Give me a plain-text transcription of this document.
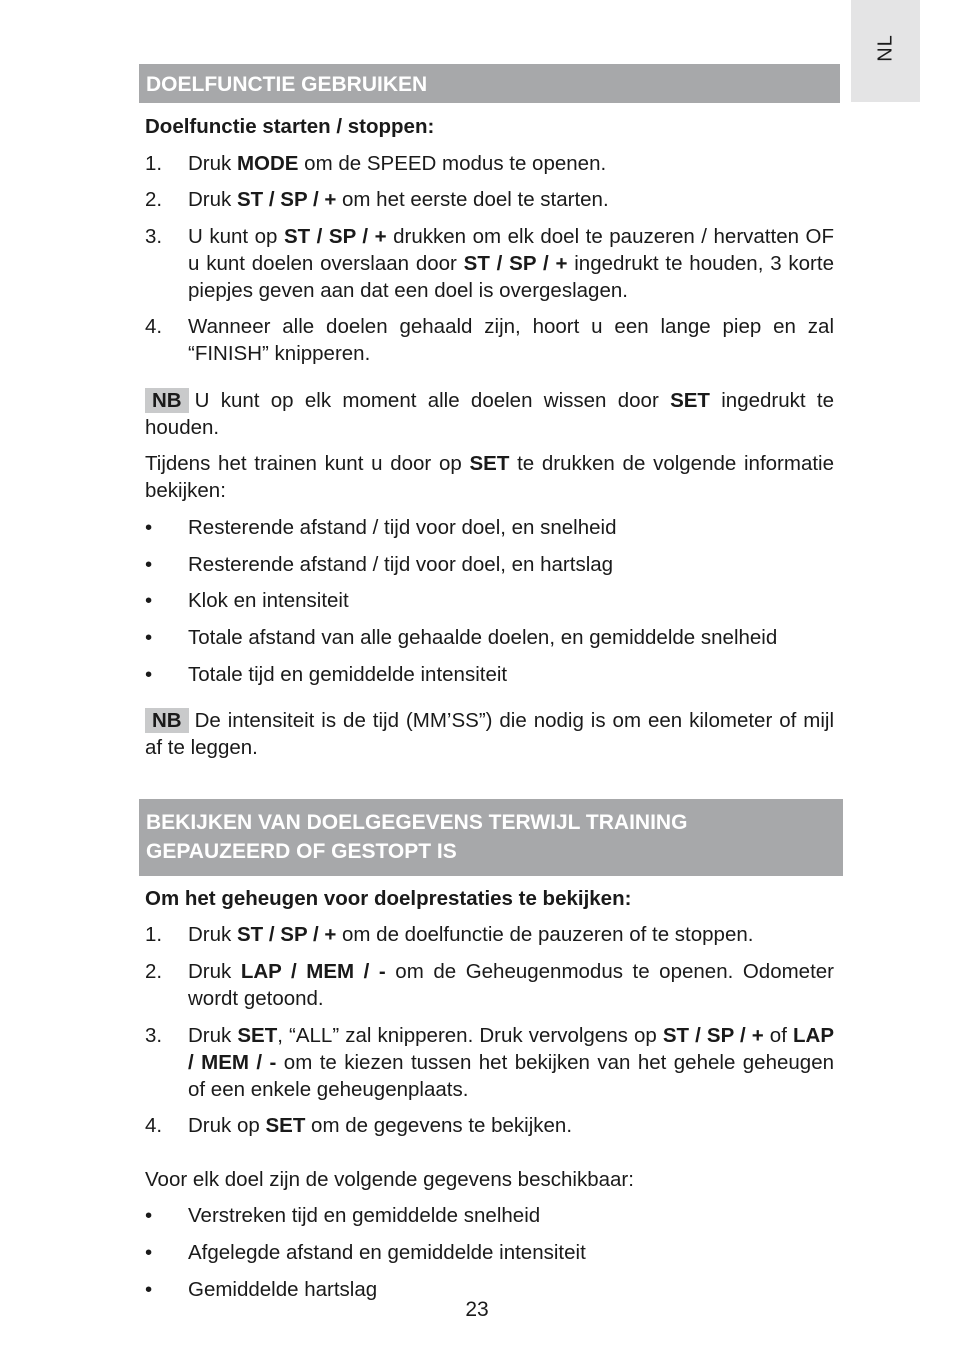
NL
DOELFUNCTIE GEBRUIKEN
Doelfunctie starten / stoppen:
1. Druk MODE om de SPEED modus te openen.
2. Druk ST / SP / + om het eerste doel te starten.
3. U kunt op ST / SP / + drukken om elk doel te pauzeren / hervatten OF u kunt doelen overslaan door ST / SP / + ingedrukt te houden, 3 korte piepjes geven aan dat een doel is overgeslagen.
4. Wanneer alle doelen gehaald zijn, hoort u een lange piep en zal “FINISH” knipperen.
NB U kunt op elk moment alle doelen wissen door SET ingedrukt te houden.
Tijdens het trainen kunt u door op SET te drukken de volgende informatie bekijken:
• Resterende afstand / tijd voor doel, en snelheid
• Resterende afstand / tijd voor doel, en hartslag
• Klok en intensiteit
• Totale afstand van alle gehaalde doelen, en gemiddelde snelheid
• Totale tijd en gemiddelde intensiteit
NB De intensiteit is de tijd (MM’SS”) die nodig is om een kilometer of mijl af te leggen.
BEKIJKEN VAN DOELGEGEVENS TERWIJL TRAINING
GEPAUZEERD OF GESTOPT IS
Om het geheugen voor doelprestaties te bekijken:
1. Druk ST / SP / + om de doelfunctie de pauzeren of te stoppen.
2. Druk LAP / MEM / - om de Geheugenmodus te openen. Odometer wordt getoond.
3. Druk SET, “ALL” zal knipperen. Druk vervolgens op ST / SP / + of LAP / MEM / - om te kiezen tussen het bekijken van het gehele geheugen of een enkele geheugenplaats.
4. Druk op SET om de gegevens te bekijken.
Voor elk doel zijn de volgende gegevens beschikbaar:
• Verstreken tijd en gemiddelde snelheid
• Afgelegde afstand en gemiddelde intensiteit
• Gemiddelde hartslag
23
